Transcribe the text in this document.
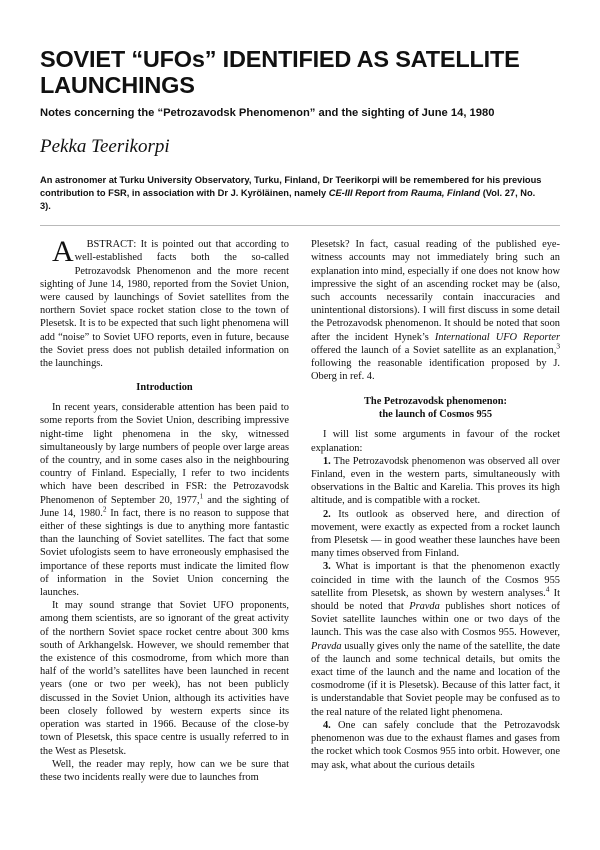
SOVIET “UFOs” IDENTIFIED AS SATELLITE LAUNCHINGS
Notes concerning the “Petrozavodsk Phenomenon” and the sighting of June 14, 1980
Pekka Teerikorpi
An astronomer at Turku University Observatory, Turku, Finland, Dr Teerikorpi will be remembered for his previous contribution to FSR, in association with Dr J. Kyröläinen, namely CE-III Report from Rauma, Finland (Vol. 27, No. 3).

A BSTRACT: It is pointed out that according to well-established facts both the so-called Petrozavodsk Phenomenon and the more recent sighting of June 14, 1980, reported from the Soviet Union, were caused by launchings of Soviet satellites from the northern Soviet space rocket station close to the town of Plesetsk. It is to be expected that such light phenomena will add “noise” to Soviet UFO reports, even in future, because the Soviet press does not publish detailed information on the launchings.

Introduction

In recent years, considerable attention has been paid to some reports from the Soviet Union, describing impressive night-time light phenomena in the sky, witnessed simultaneously by large numbers of people over large areas of the country, and in some cases also in the neighbouring country of Finland. Especially, I refer to two incidents which have been described in FSR: the Petrozavodsk Phenomenon of September 20, 1977,$^1$ and the sighting of June 14, 1980.$^2$ In fact, there is no reason to suppose that either of these sightings is due to anything more fantastic than the launching of Soviet satellites. The fact that some Soviet ufologists seem to have erroneously emphasised the importance of these reports must indicate the limited flow of information in the Soviet Union concerning the launches.

It may sound strange that Soviet UFO proponents, among them scientists, are so ignorant of the great activity of the northern Soviet space rocket centre about 300 kms south of Arkhangelsk. However, we should remember that the existence of this cosmodrome, from which more than half of the world’s satellites have been launched in recent years (one or two per week), has not been publicly discussed in the Soviet Union, although its activities have been closely followed by western experts since its operation was started in 1966. Because of the close-by town of Plesetsk, this space centre is usually referred to in the West as Plesetsk.

Well, the reader may reply, how can we be sure that these two incidents really were due to launches from

Plesetsk? In fact, casual reading of the published eye-witness accounts may not immediately bring such an explanation into mind, especially if one does not know how impressive the sight of an ascending rocket may be (also, such accounts necessarily contain inaccuracies and unintentional distorsions). I will first discuss in some detail the Petrozavodsk phenomenon. It should be noted that soon after the incident Hynek’s International UFO Reporter offered the launch of a Soviet satellite as an explanation,$^3$ following the reasonable identification proposed by J. Oberg in ref. 4.

The Petrozavodsk phenomenon:
the launch of Cosmos 955

I will list some arguments in favour of the rocket explanation:

1. The Petrozavodsk phenomenon was observed all over Finland, even in the western parts, simultaneously with observations in the Baltic and Karelia. This proves its high altitude, and is compatible with a rocket.

2. Its outlook as observed here, and direction of movement, were exactly as expected from a rocket launch from Plesetsk — in good weather these launches have been many times observed from Finland.

3. What is important is that the phenomenon exactly coincided in time with the launch of the Cosmos 955 satellite from Plesetsk, as shown by western analyses.$^4$ It should be noted that Pravda publishes short notices of Soviet satellite launches within one or two days of the launch. This was the case also with Cosmos 955. However, Pravda usually gives only the name of the satellite, the date of the launch and some technical details, but omits the exact time of the launch and the name and location of the cosmodrome (if it is Plesetsk). Because of this latter fact, it is understandable that Soviet people may be confused as to the real nature of the related light phenomena.

4. One can safely conclude that the Petrozavodsk phenomenon was due to the exhaust flames and gases from the rocket which took Cosmos 955 into orbit. However, one may ask, what about the curious details
